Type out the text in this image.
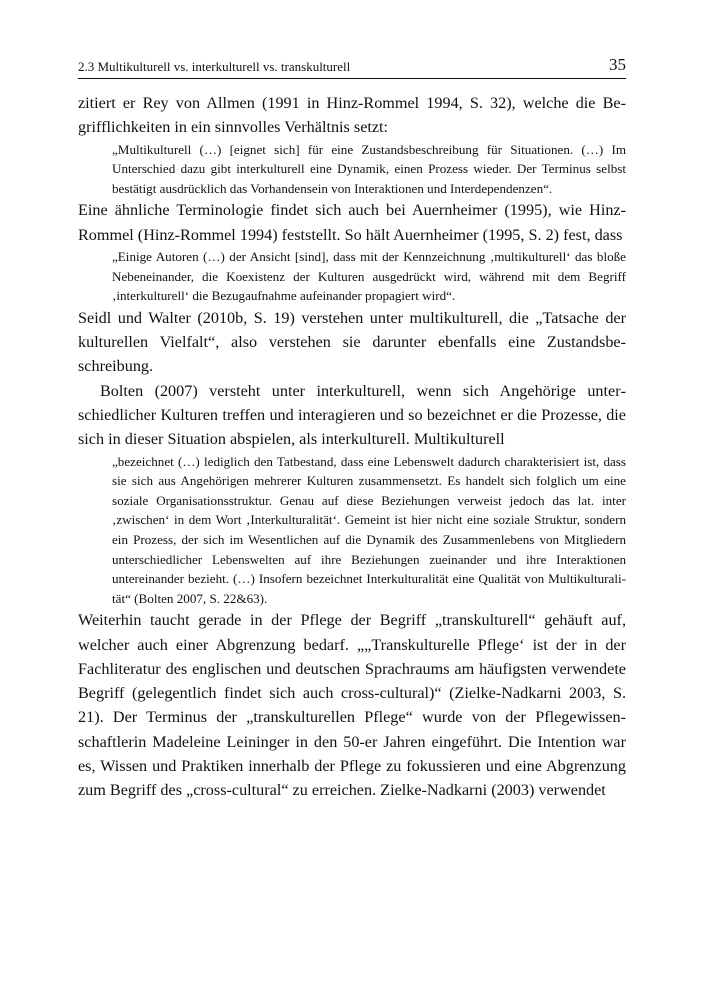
2.3 Multikulturell vs. interkulturell vs. transkulturell	35

zitiert er Rey von Allmen (1991 in Hinz-Rommel 1994, S. 32), welche die Begrifflichkeiten in ein sinnvolles Verhältnis setzt:

„Multikulturell (…) [eignet sich] für eine Zustandsbeschreibung für Situationen. (…) Im Unterschied dazu gibt interkulturell eine Dynamik, einen Prozess wieder. Der Terminus selbst bestätigt ausdrücklich das Vorhandensein von Interaktionen und Interdependenzen“.

Eine ähnliche Terminologie findet sich auch bei Auernheimer (1995), wie Hinz-Rommel (Hinz-Rommel 1994) feststellt. So hält Auernheimer (1995, S. 2) fest, dass

„Einige Autoren (…) der Ansicht [sind], dass mit der Kennzeichnung ‚multikulturell‘ das bloße Nebeneinander, die Koexistenz der Kulturen ausgedrückt wird, während mit dem Begriff ‚interkulturell‘ die Bezugaufnahme aufeinander propagiert wird“.

Seidl und Walter (2010b, S. 19) verstehen unter multikulturell, die „Tatsache der kulturellen Vielfalt“, also verstehen sie darunter ebenfalls eine Zustandsbeschreibung.

Bolten (2007) versteht unter interkulturell, wenn sich Angehörige unterschiedlicher Kulturen treffen und interagieren und so bezeichnet er die Prozesse, die sich in dieser Situation abspielen, als interkulturell. Multikulturell

„bezeichnet (…) lediglich den Tatbestand, dass eine Lebenswelt dadurch charakterisiert ist, dass sie sich aus Angehörigen mehrerer Kulturen zusammensetzt. Es handelt sich folglich um eine soziale Organisationsstruktur. Genau auf diese Beziehungen verweist jedoch das lat. inter ‚zwischen‘ in dem Wort ‚Interkulturalität‘. Gemeint ist hier nicht eine soziale Struktur, sondern ein Prozess, der sich im Wesentlichen auf die Dynamik des Zusammenlebens von Mitgliedern unterschiedlicher Lebenswelten auf ihre Beziehungen zueinander und ihre Interaktionen untereinander bezieht. (…) Insofern bezeichnet Interkulturalität eine Qualität von Multikulturalität“ (Bolten 2007, S. 22&63).

Weiterhin taucht gerade in der Pflege der Begriff „transkulturell“ gehäuft auf, welcher auch einer Abgrenzung bedarf. „„Transkulturelle Pflege‘ ist der in der Fachliteratur des englischen und deutschen Sprachraums am häufigsten verwendete Begriff (gelegentlich findet sich auch cross-cultural)“ (Zielke-Nadkarni 2003, S. 21). Der Terminus der „transkulturellen Pflege“ wurde von der Pflegewissenschaftlerin Madeleine Leininger in den 50-er Jahren eingeführt. Die Intention war es, Wissen und Praktiken innerhalb der Pflege zu fokussieren und eine Abgrenzung zum Begriff des „cross-cultural“ zu erreichen. Zielke-Nadkarni (2003) verwendet
